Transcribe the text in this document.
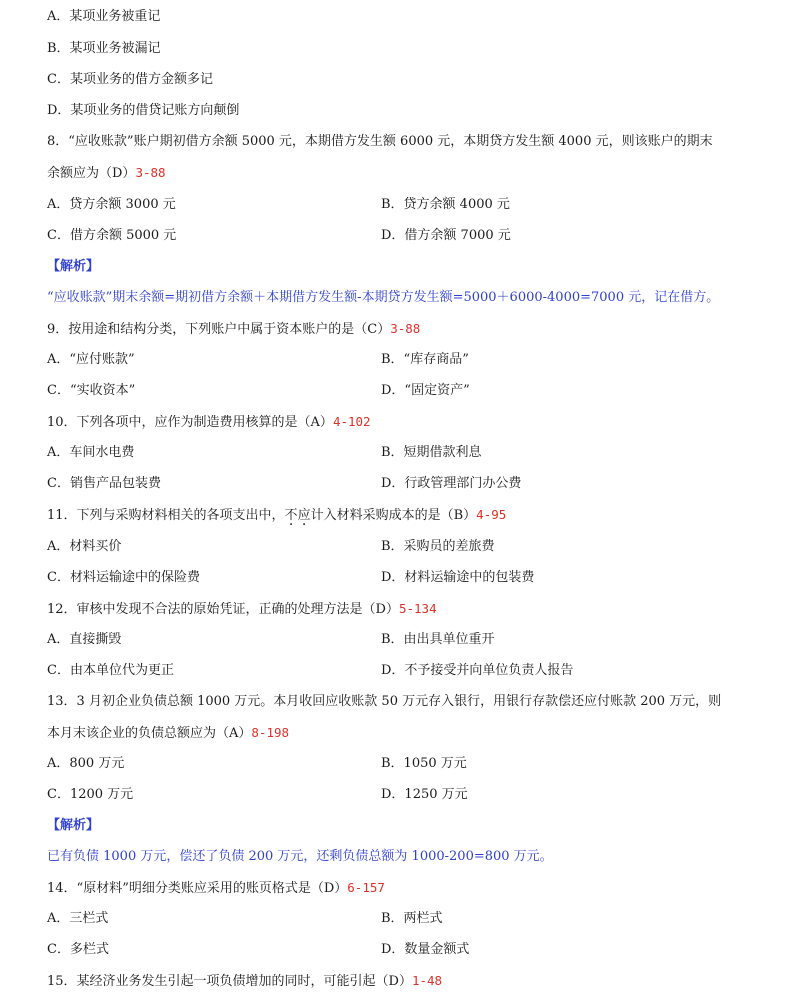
A．某项业务被重记
B．某项业务被漏记
C．某项业务的借方金额多记
D．某项业务的借贷记账方向颠倒
8．“应收账款”账户期初借方余额 5000 元，本期借方发生额 6000 元，本期贷方发生额 4000 元，则该账户的期末
余额应为（D）3-88
A．贷方余额 3000 元	B．贷方余额 4000 元
C．借方余额 5000 元	D．借方余额 7000 元
【解析】
“应收账款”期末余额=期初借方余额＋本期借方发生额-本期贷方发生额=5000＋6000-4000=7000 元，记在借方。
9．按用途和结构分类，下列账户中属于资本账户的是（C）3-88
A．“应付账款”	B．“库存商品”
C．“实收资本”	D．“固定资产”
10．下列各项中，应作为制造费用核算的是（A）4-102
A．车间水电费	B．短期借款利息
C．销售产品包装费	D．行政管理部门办公费
11．下列与采购材料相关的各项支出中，不应计入材料采购成本的是（B）4-95
A．材料买价	B．采购员的差旅费
C．材料运输途中的保险费	D．材料运输途中的包装费
12．审核中发现不合法的原始凭证，正确的处理方法是（D）5-134
A．直接撕毁	B．由出具单位重开
C．由本单位代为更正	D．不予接受并向单位负责人报告
13．3 月初企业负债总额 1000 万元。本月收回应收账款 50 万元存入银行，用银行存款偿还应付账款 200 万元，则
本月末该企业的负债总额应为（A）8-198
A．800 万元	B．1050 万元
C．1200 万元	D．1250 万元
【解析】
已有负债 1000 万元，偿还了负债 200 万元，还剩负债总额为 1000-200=800 万元。
14．“原材料”明细分类账应采用的账页格式是（D）6-157
A．三栏式	B．两栏式
C．多栏式	D．数量金额式
15．某经济业务发生引起一项负债增加的同时，可能引起（D）1-48
